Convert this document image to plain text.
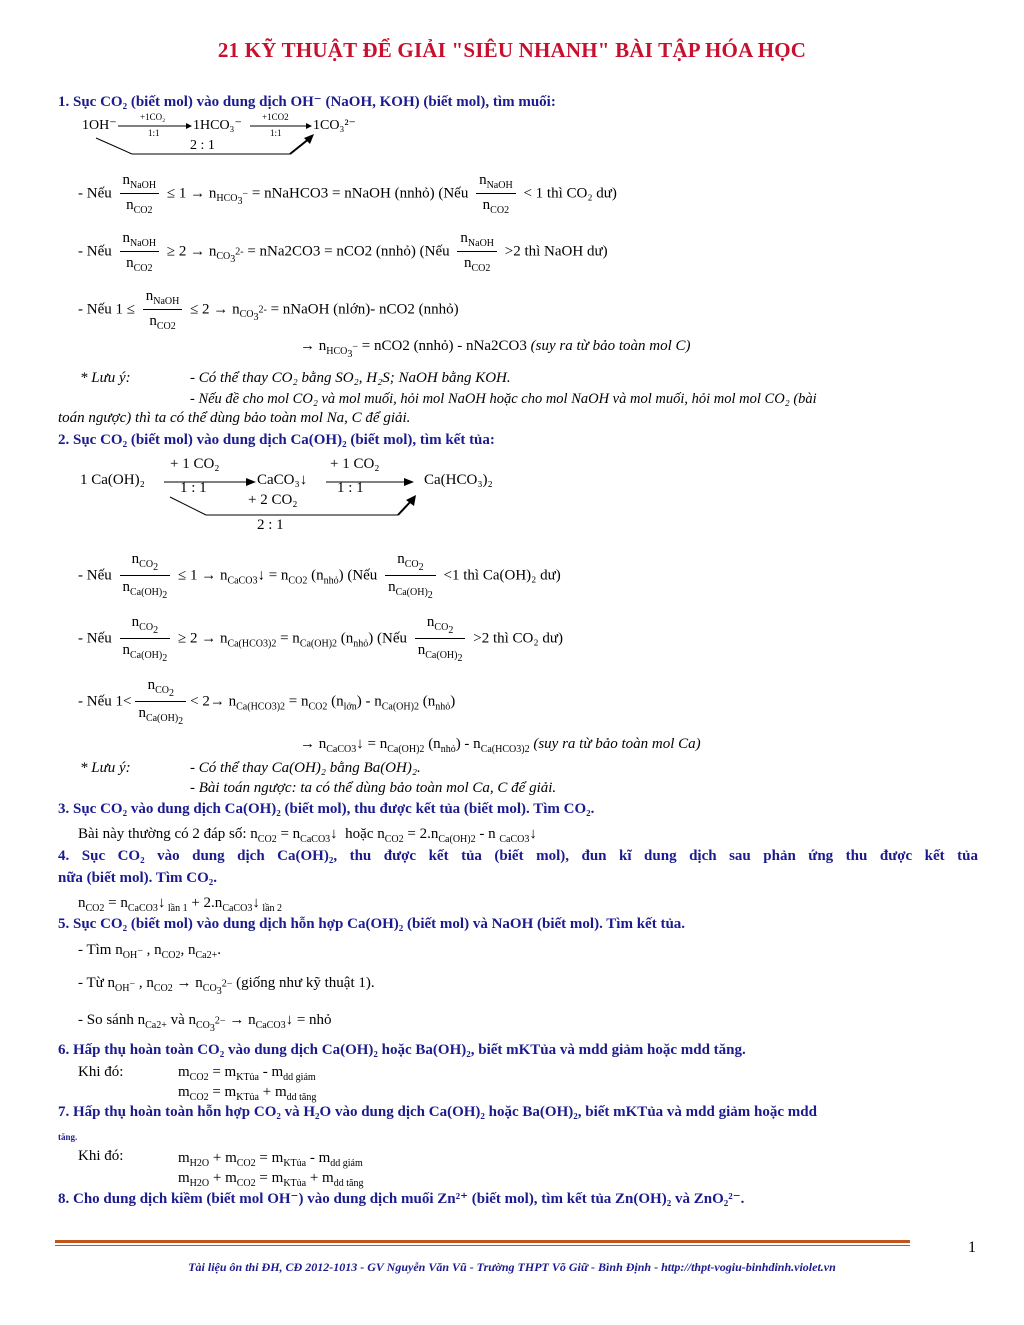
21 KỸ THUẬT ĐỂ GIẢI "SIÊU NHANH" BÀI TẬP HÓA HỌC
1. Sục CO₂ (biết mol) vào dung dịch OH⁻ (NaOH, KOH) (biết mol), tìm muối:
1OH⁻
+1CO₂
1:1 1HCO₃⁻
+1CO2
1:1 1CO₃²⁻
2 : 1
- Nếu $\frac{n_{NaOH}}{n_{CO2}} \le 1 \to n_{HCO_3^-}$ = nNaHCO3 = nNaOH (nnhỏ) (Nếu $\frac{n_{NaOH}}{n_{CO2}} < 1$ thì CO₂ dư)
- Nếu $\frac{n_{NaOH}}{n_{CO2}} \ge 2 \to n_{CO_3^{2-}} = nNa2CO3 = nCO2$ (nnhỏ) (Nếu $\frac{n_{NaOH}}{n_{CO2}} >2$ thì NaOH dư)
- Nếu $1 \le \frac{n_{NaOH}}{n_{CO2}} \le 2 \to n_{CO_3^{2-}}$ = nNaOH (nlớn)- nCO2 (nnhỏ)
→ $n_{HCO_3^-} = nCO2$ (nnhỏ) - nNa2CO3 (suy ra từ bảo toàn mol C)
* Lưu ý:	- Có thể thay CO₂ bằng SO₂, H₂S; NaOH bằng KOH.
- Nếu đề cho mol CO₂ và mol muối, hỏi mol NaOH hoặc cho mol NaOH và mol muối, hỏi mol mol CO₂ (bài
toán ngược) thì ta có thể dùng bảo toàn mol Na, C để giải.
2. Sục CO₂ (biết mol) vào dung dịch Ca(OH)₂ (biết mol), tìm kết tủa:
1 Ca(OH)₂
+ 1 CO₂
1 : 1	CaCO₃↓
+ 1 CO₂
1 : 1	Ca(HCO₃)₂
+ 2 CO₂
2 : 1
- Nếu $\frac{n_{CO_2}}{n_{Ca(OH)_2}} \le 1$ → $n_{CaCO3}↓ = n_{CO2}$ $(n_{nhỏ})$ (Nếu $\frac{n_{CO_2}}{n_{Ca(OH)_2}} <1$ thì Ca(OH)₂ dư)
- Nếu $\frac{n_{CO_2}}{n_{Ca(OH)_2}} \ge 2 \to n_{Ca(HCO3)2} = n_{Ca(OH)2}$ $(n_{nhỏ})$ (Nếu $\frac{n_{CO_2}}{n_{Ca(OH)_2}} >2$ thì CO₂ dư)
- Nếu $1< \frac{n_{CO_2}}{n_{Ca(OH)_2}} < 2\to n_{Ca(HCO3)2} = n_{CO2}$ $(n_{lớn}) - n_{Ca(OH)2}$ $(n_{nhỏ})$
→ $n_{CaCO3}↓ = n_{Ca(OH)2}$ $(n_{nhỏ}) - n_{Ca(HCO3)2}$ (suy ra từ bảo toàn mol Ca)
* Lưu ý:	- Có thể thay Ca(OH)₂ bằng Ba(OH)₂.
- Bài toán ngược: ta có thể dùng bảo toàn mol Ca, C để giải.
3. Sục CO₂ vào dung dịch Ca(OH)₂ (biết mol), thu được kết tủa (biết mol). Tìm CO₂.
Bài này thường có 2 đáp số: $n_{CO2}$ = $n_{CaCO3}↓$  hoặc $n_{CO2} = 2.n_{Ca(OH)2} - n$ $_{CaCO3}$↓
4. Sục CO₂ vào dung dịch Ca(OH)₂, thu được kết tủa (biết mol), đun kĩ dung dịch sau phản ứng thu được kết tủa
nữa (biết mol). Tìm CO₂.
$n_{CO2}$ = $n_{CaCO3}↓$ $_{lần 1} + 2.n_{CaCO3}↓$ $_{lần 2}$
5. Sục CO₂ (biết mol) vào dung dịch hỗn hợp Ca(OH)₂ (biết mol) và NaOH (biết mol). Tìm kết tủa.
- Tìm $n_{OH^-}$ , $n_{CO2}$, $n_{Ca2+}$.
- Từ $n_{OH^-}$ , $n_{CO2} \to n_{CO_3^{2-}}$ (giống như kỹ thuật 1).
- So sánh $n_{Ca2+}$ và $n_{CO_3^{2-}}$ → $n_{CaCO3}↓$ = nhỏ
6. Hấp thụ hoàn toàn CO₂ vào dung dịch Ca(OH)₂ hoặc Ba(OH)₂, biết mKTủa và mdd giảm hoặc mdd tăng.
Khi đó:	$m_{CO2} = m_{KTủa} - m_{dd giảm}$
$m_{CO2} = m_{KTủa} + m_{dd tăng}$
7. Hấp thụ hoàn toàn hỗn hợp CO₂ và H₂O vào dung dịch Ca(OH)₂ hoặc Ba(OH)₂, biết mKTủa và mdd giảm hoặc mdd
tăng.
Khi đó:	$m_{H2O} + m_{CO2} = m_{KTủa} - m_{dd giảm}$
$m_{H2O} + m_{CO2} = m_{KTủa} + m_{dd tăng}$
8. Cho dung dịch kiềm (biết mol OH⁻) vào dung dịch muối Zn²⁺ (biết mol), tìm kết tủa Zn(OH)₂ và ZnO₂²⁻.
1
Tài liệu ôn thi ĐH, CĐ 2012-1013 - GV Nguyễn Văn Vũ - Trường THPT Võ Giữ - Bình Định - http://thpt-vogiu-binhdinh.violet.vn
